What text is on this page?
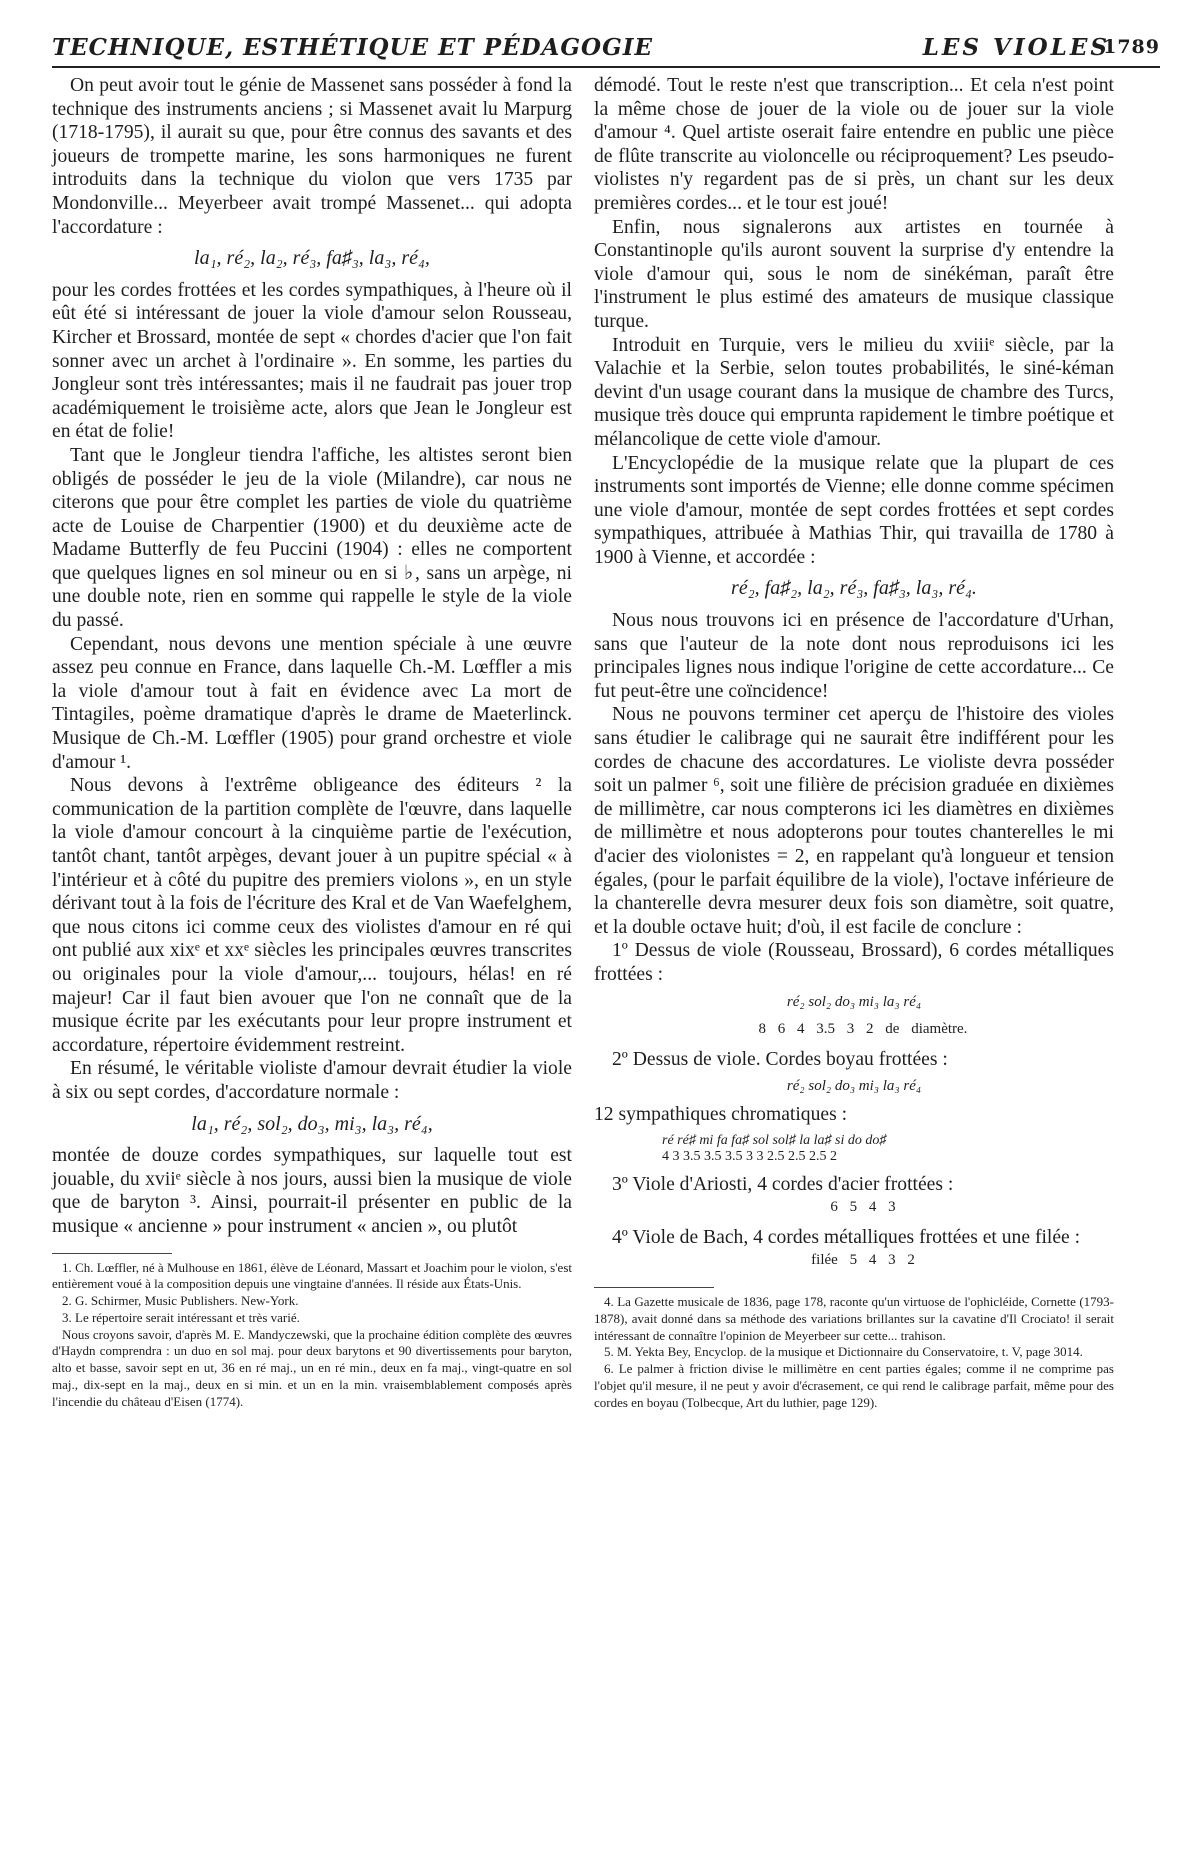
TECHNIQUE, ESTHÉTIQUE ET PÉDAGOGIE	LES VIOLES
1789

On peut avoir tout le génie de Massenet sans posséder à fond la technique des instruments anciens ; si Massenet avait lu Marpurg (1718-1795), il aurait su que, pour être connus des savants et des joueurs de trompette marine, les sons harmoniques ne furent introduits dans la technique du violon que vers 1735 par Mondonville... Meyerbeer avait trompé Massenet... qui adopta l'accordature :

la₁, ré₂, la₂, ré₃, fa♯₃, la₃, ré₄,

pour les cordes frottées et les cordes sympathiques, à l'heure où il eût été si intéressant de jouer la viole d'amour selon Rousseau, Kircher et Brossard, montée de sept « chordes d'acier que l'on fait sonner avec un archet à l'ordinaire ». En somme, les parties du Jongleur sont très intéressantes; mais il ne faudrait pas jouer trop académiquement le troisième acte, alors que Jean le Jongleur est en état de folie!

Tant que le Jongleur tiendra l'affiche, les altistes seront bien obligés de posséder le jeu de la viole (Milandre), car nous ne citerons que pour être complet les parties de viole du quatrième acte de Louise de Charpentier (1900) et du deuxième acte de Madame Butterfly de feu Puccini (1904) : elles ne comportent que quelques lignes en sol mineur ou en si ♭, sans un arpège, ni une double note, rien en somme qui rappelle le style de la viole du passé.

Cependant, nous devons une mention spéciale à une œuvre assez peu connue en France, dans laquelle Ch.-M. Lœffler a mis la viole d'amour tout à fait en évidence avec La mort de Tintagiles, poème dramatique d'après le drame de Maeterlinck. Musique de Ch.-M. Lœffler (1905) pour grand orchestre et viole d'amour ¹.

Nous devons à l'extrême obligeance des éditeurs ² la communication de la partition complète de l'œuvre, dans laquelle la viole d'amour concourt à la cinquième partie de l'exécution, tantôt chant, tantôt arpèges, devant jouer à un pupitre spécial « à l'intérieur et à côté du pupitre des premiers violons », en un style dérivant tout à la fois de l'écriture des Kral et de Van Waefelghem, que nous citons ici comme ceux des violistes d'amour en ré qui ont publié aux xixᵉ et xxᵉ siècles les principales œuvres transcrites ou originales pour la viole d'amour,... toujours, hélas! en ré majeur! Car il faut bien avouer que l'on ne connaît que de la musique écrite par les exécutants pour leur propre instrument et accordature, répertoire évidemment restreint.

En résumé, le véritable violiste d'amour devrait étudier la viole à six ou sept cordes, d'accordature normale :

la₁, ré₂, sol₂, do₃, mi₃, la₃, ré₄,

montée de douze cordes sympathiques, sur laquelle tout est jouable, du xviiᵉ siècle à nos jours, aussi bien la musique de viole que de baryton ³. Ainsi, pourrait-il présenter en public de la musique « ancienne » pour instrument « ancien », ou plutôt

1. Ch. Lœffler, né à Mulhouse en 1861, élève de Léonard, Massart et Joachim pour le violon, s'est entièrement voué à la composition depuis une vingtaine d'années. Il réside aux États-Unis.

2. G. Schirmer, Music Publishers. New-York.

3. Le répertoire serait intéressant et très varié.

Nous croyons savoir, d'après M. E. Mandyczewski, que la prochaine édition complète des œuvres d'Haydn comprendra : un duo en sol maj. pour deux barytons et 90 divertissements pour baryton, alto et basse, savoir sept en ut, 36 en ré maj., un en ré min., deux en fa maj., vingt-quatre en sol maj., dix-sept en la maj., deux en si min. et un en la min. vraisemblablement composés après l'incendie du château d'Eisen (1774).

démodé. Tout le reste n'est que transcription... Et cela n'est point la même chose de jouer de la viole ou de jouer sur la viole d'amour ⁴. Quel artiste oserait faire entendre en public une pièce de flûte transcrite au violoncelle ou réciproquement? Les pseudo-violistes n'y regardent pas de si près, un chant sur les deux premières cordes... et le tour est joué!

Enfin, nous signalerons aux artistes en tournée à Constantinople qu'ils auront souvent la surprise d'y entendre la viole d'amour qui, sous le nom de sinékéman, paraît être l'instrument le plus estimé des amateurs de musique classique turque.

Introduit en Turquie, vers le milieu du xviiiᵉ siècle, par la Valachie et la Serbie, selon toutes probabilités, le siné-kéman devint d'un usage courant dans la musique de chambre des Turcs, musique très douce qui emprunta rapidement le timbre poétique et mélancolique de cette viole d'amour.

L'Encyclopédie de la musique relate que la plupart de ces instruments sont importés de Vienne; elle donne comme spécimen une viole d'amour, montée de sept cordes frottées et sept cordes sympathiques, attribuée à Mathias Thir, qui travailla de 1780 à 1900 à Vienne, et accordée :

ré₂, fa♯₂, la₂, ré₃, fa♯₃, la₃, ré₄.

Nous nous trouvons ici en présence de l'accordature d'Urhan, sans que l'auteur de la note dont nous reproduisons ici les principales lignes nous indique l'origine de cette accordature... Ce fut peut-être une coïncidence!

Nous ne pouvons terminer cet aperçu de l'histoire des violes sans étudier le calibrage qui ne saurait être indifférent pour les cordes de chacune des accordatures. Le violiste devra posséder soit un palmer ⁶, soit une filière de précision graduée en dixièmes de millimètre, car nous compterons ici les diamètres en dixièmes de millimètre et nous adopterons pour toutes chanterelles le mi d'acier des violonistes = 2, en rappelant qu'à longueur et tension égales, (pour le parfait équilibre de la viole), l'octave inférieure de la chanterelle devra mesurer deux fois son diamètre, soit quatre, et la double octave huit; d'où, il est facile de conclure :

1º Dessus de viole (Rousseau, Brossard), 6 cordes métalliques frottées :

ré₂ sol₂ do₃ mi₃ la₃ ré₄

8 6 4 3.5 3 2 de diamètre.

2º Dessus de viole. Cordes boyau frottées :

ré₂ sol₂ do₃ mi₃ la₃ ré₄

12 sympathiques chromatiques :

ré ré♯ mi fa fa♯ sol sol♯ la la♯ si do do♯
4 3 3.5 3.5 3.5 3 3 2.5 2.5 2.5 2

3º Viole d'Ariosti, 4 cordes d'acier frottées :

6 5 4 3

4º Viole de Bach, 4 cordes métalliques frottées et une filée :

filée 5 4 3 2

4. La Gazette musicale de 1836, page 178, raconte qu'un virtuose de l'ophicléide, Cornette (1793-1878), avait donné dans sa méthode des variations brillantes sur la cavatine d'Il Crociato! il serait intéressant de connaître l'opinion de Meyerbeer sur cette... trahison.

5. M. Yekta Bey, Encyclop. de la musique et Dictionnaire du Conservatoire, t. V, page 3014.

6. Le palmer à friction divise le millimètre en cent parties égales; comme il ne comprime pas l'objet qu'il mesure, il ne peut y avoir d'écrasement, ce qui rend le calibrage parfait, même pour des cordes en boyau (Tolbecque, Art du luthier, page 129).
